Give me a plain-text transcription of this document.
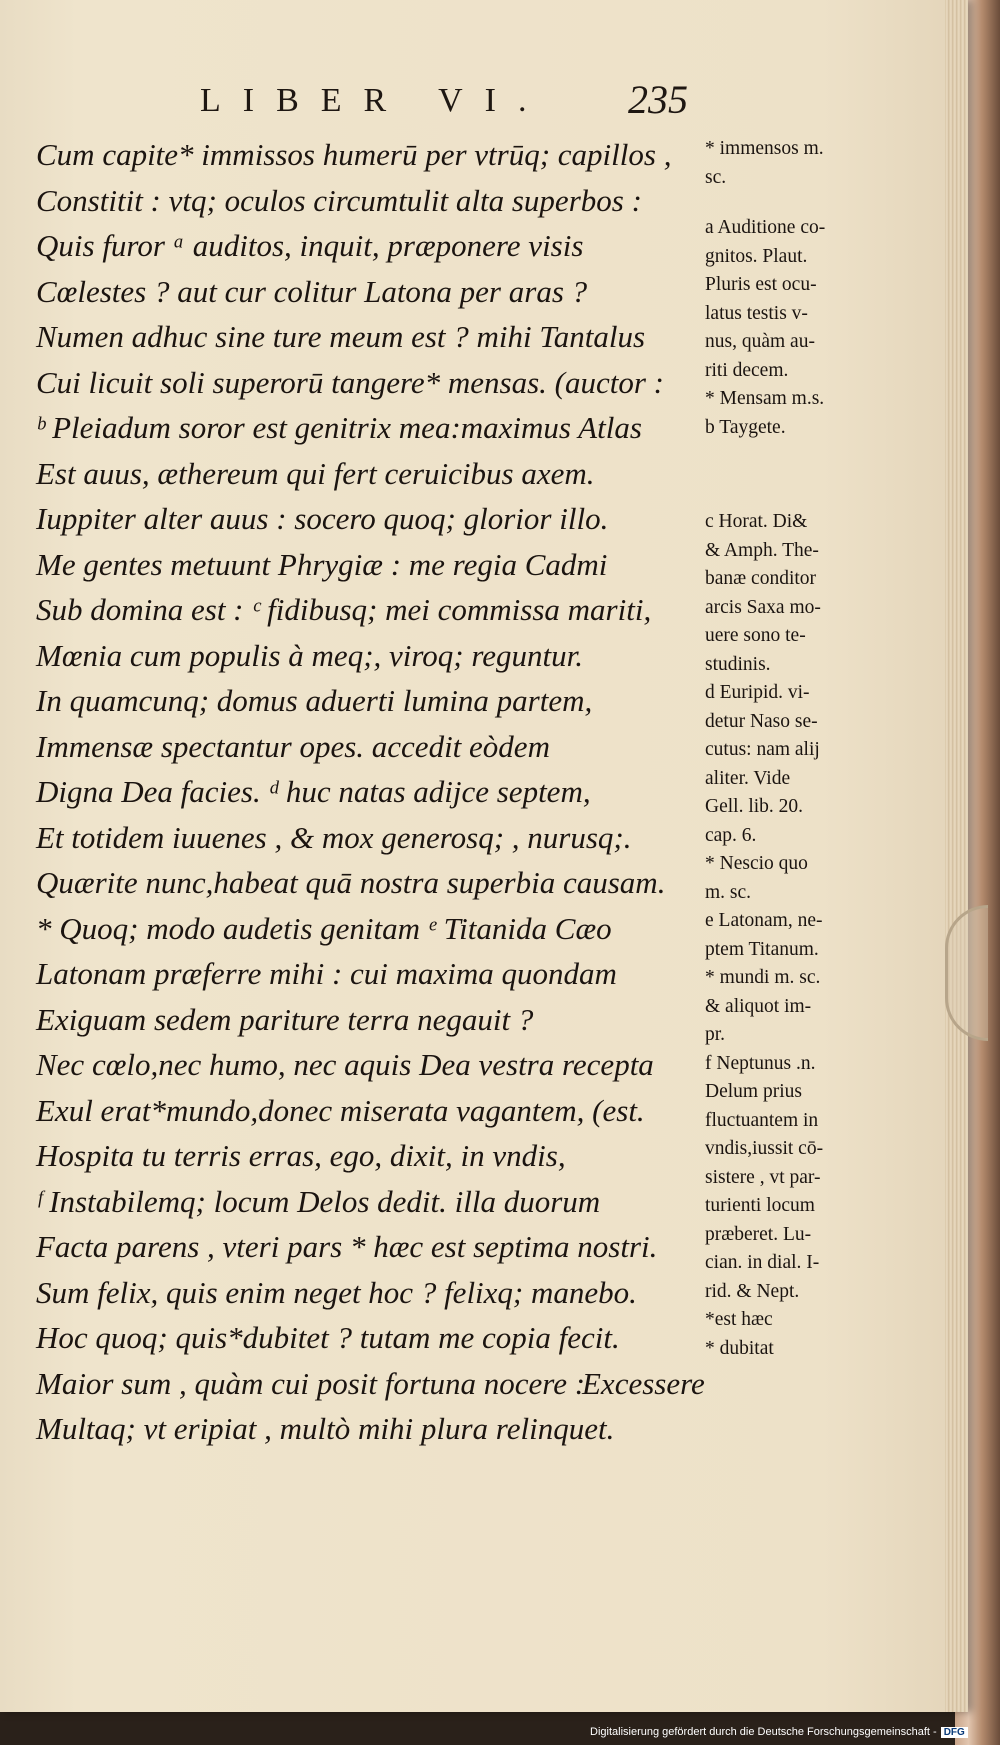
LIBER VI.	235
Cum capite* immissos humerū per vtrūq; capillos ,
Constitit : vtq; oculos circumtulit alta superbos :
Quis furor ᵃ auditos, inquit, præponere visis
Cœlestes ? aut cur colitur Latona per aras ?
Numen adhuc sine ture meum est ? mihi Tantalus
Cui licuit soli superorū tangere* mensas. (auctor :
ᵇ Pleiadum soror est genitrix mea:maximus Atlas
Est auus, æthereum qui fert ceruicibus axem.
Iuppiter alter auus : socero quoq; glorior illo.
Me gentes metuunt Phrygiæ : me regia Cadmi
Sub domina est : ᶜ fidibusq; mei commissa mariti,
Mœnia cum populis à meq;, viroq; reguntur.
In quamcunq; domus aduerti lumina partem,
Immensæ spectantur opes. accedit eòdem
Digna Dea facies. ᵈ huc natas adijce septem,
Et totidem iuuenes , & mox generosq; , nurusq;.
Quærite nunc,habeat quā nostra superbia causam.
* Quoq; modo audetis genitam ᵉ Titanida Cæo
Latonam præferre mihi : cui maxima quondam
Exiguam sedem pariture terra negauit ?
Nec cœlo,nec humo, nec aquis Dea vestra recepta
Exul erat*mundo,donec miserata vagantem, (est.
Hospita tu terris erras, ego, dixit, in vndis,
ᶠ Instabilemq; locum Delos dedit. illa duorum
Facta parens , vteri pars * hæc est septima nostri.
Sum felix, quis enim neget hoc ? felixq; manebo.
Hoc quoq; quis*dubitet ? tutam me copia fecit.
Maior sum , quàm cui posit fortuna nocere :
Multaq; vt eripiat , multò mihi plura relinquet.
Excessere
* immensos m.
sc.
a Auditione co-
gnitos. Plaut.
Pluris est ocu-
latus testis v-
nus, quàm au-
riti decem.
* Mensam m.s.
b Taygete.
c Horat. Di&
& Amph. The-
banæ conditor
arcis Saxa mo-
uere sono te-
studinis.
d Euripid. vi-
detur Naso se-
cutus: nam alij
aliter. Vide
Gell. lib. 20.
cap. 6.
* Nescio quo
m. sc.
e Latonam, ne-
ptem Titanum.
* mundi m. sc.
& aliquot im-
pr.
f Neptunus .n.
Delum prius
fluctuantem in
vndis,iussit cō-
sistere , vt par-
turienti locum
præberet. Lu-
cian. in dial. I-
rid. & Nept.
*est hæc
* dubitat
Digitalisierung gefördert durch die Deutsche Forschungsgemeinschaft - DFG
